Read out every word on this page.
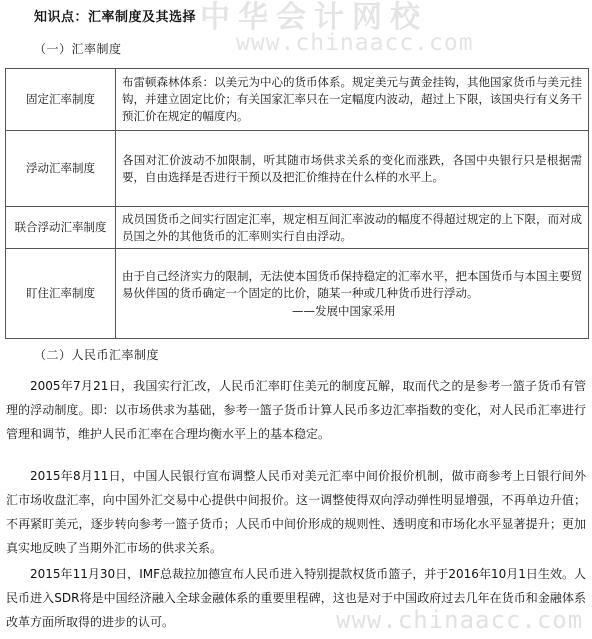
中华会计网校
www.chinaacc.com
知识点：汇率制度及其选择
（一）汇率制度
固定汇率制度	布雷顿森林体系：以美元为中心的货币体系。规定美元与黄金挂钩，其他国家货币与美元挂钩，并建立固定比价；有关国家汇率只在一定幅度内波动，超过上下限，该国央行有义务干预汇价在规定的幅度内。
浮动汇率制度	各国对汇价波动不加限制，听其随市场供求关系的变化而涨跌，各国中央银行只是根据需要，自由选择是否进行干预以及把汇价维持在什么样的水平上。
联合浮动汇率制度	成员国货币之间实行固定汇率，规定相互间汇率波动的幅度不得超过规定的上下限，而对成员国之外的其他货币的汇率则实行自由浮动。
盯住汇率制度	由于自己经济实力的限制，无法使本国货币保持稳定的汇率水平，把本国货币与本国主要贸易伙伴国的货币确定一个固定的比价，随某一种或几种货币进行浮动。
——发展中国家采用
（二）人民币汇率制度

2005年7月21日，我国实行汇改，人民币汇率盯住美元的制度瓦解，取而代之的是参考一篮子货币有管理的浮动制度。即：以市场供求为基础，参考一篮子货币计算人民币多边汇率指数的变化，对人民币汇率进行管理和调节，维护人民币汇率在合理均衡水平上的基本稳定。

2015年8月11日，中国人民银行宣布调整人民币对美元汇率中间价报价机制，做市商参考上日银行间外汇市场收盘汇率，向中国外汇交易中心提供中间报价。这一调整使得双向浮动弹性明显增强，不再单边升值；不再紧盯美元，逐步转向参考一篮子货币；人民币中间价形成的规则性、透明度和市场化水平显著提升；更加真实地反映了当期外汇市场的供求关系。

2015年11月30日，IMF总裁拉加德宣布人民币进入特别提款权货币篮子，并于2016年10月1日生效。人民币进入SDR将是中国经济融入全球金融体系的重要里程碑，这也是对于中国政府过去几年在货币和金融体系改革方面所取得的进步的认可。	www.chinaacc.com
